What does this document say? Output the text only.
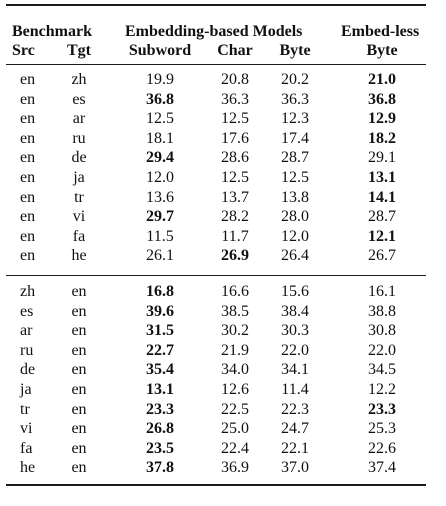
Benchmark Embedding-based Models Embed-less
Src Tgt Subword	Char	Byte	Byte
en	zh	19.9	20.8	20.2	21.0
en	es	36.8	36.3	36.3	36.8
en	ar	12.5	12.5	12.3	12.9
en	ru	18.1	17.6	17.4	18.2
en	de	29.4	28.6	28.7	29.1
en	ja	12.0	12.5	12.5	13.1
en	tr	13.6	13.7	13.8	14.1
en	vi	29.7	28.2	28.0	28.7
en	fa	11.5	11.7	12.0	12.1
en	he	26.1	26.9	26.4	26.7
zh	en	16.8	16.6	15.6	16.1
es	en	39.6	38.5	38.4	38.8
ar	en	31.5	30.2	30.3	30.8
ru	en	22.7	21.9	22.0	22.0
de	en	35.4	34.0	34.1	34.5
ja	en	13.1	12.6	11.4	12.2
tr	en	23.3	22.5	22.3	23.3
vi	en	26.8	25.0	24.7	25.3
fa	en	23.5	22.4	22.1	22.6
he	en	37.8	36.9	37.0	37.4
